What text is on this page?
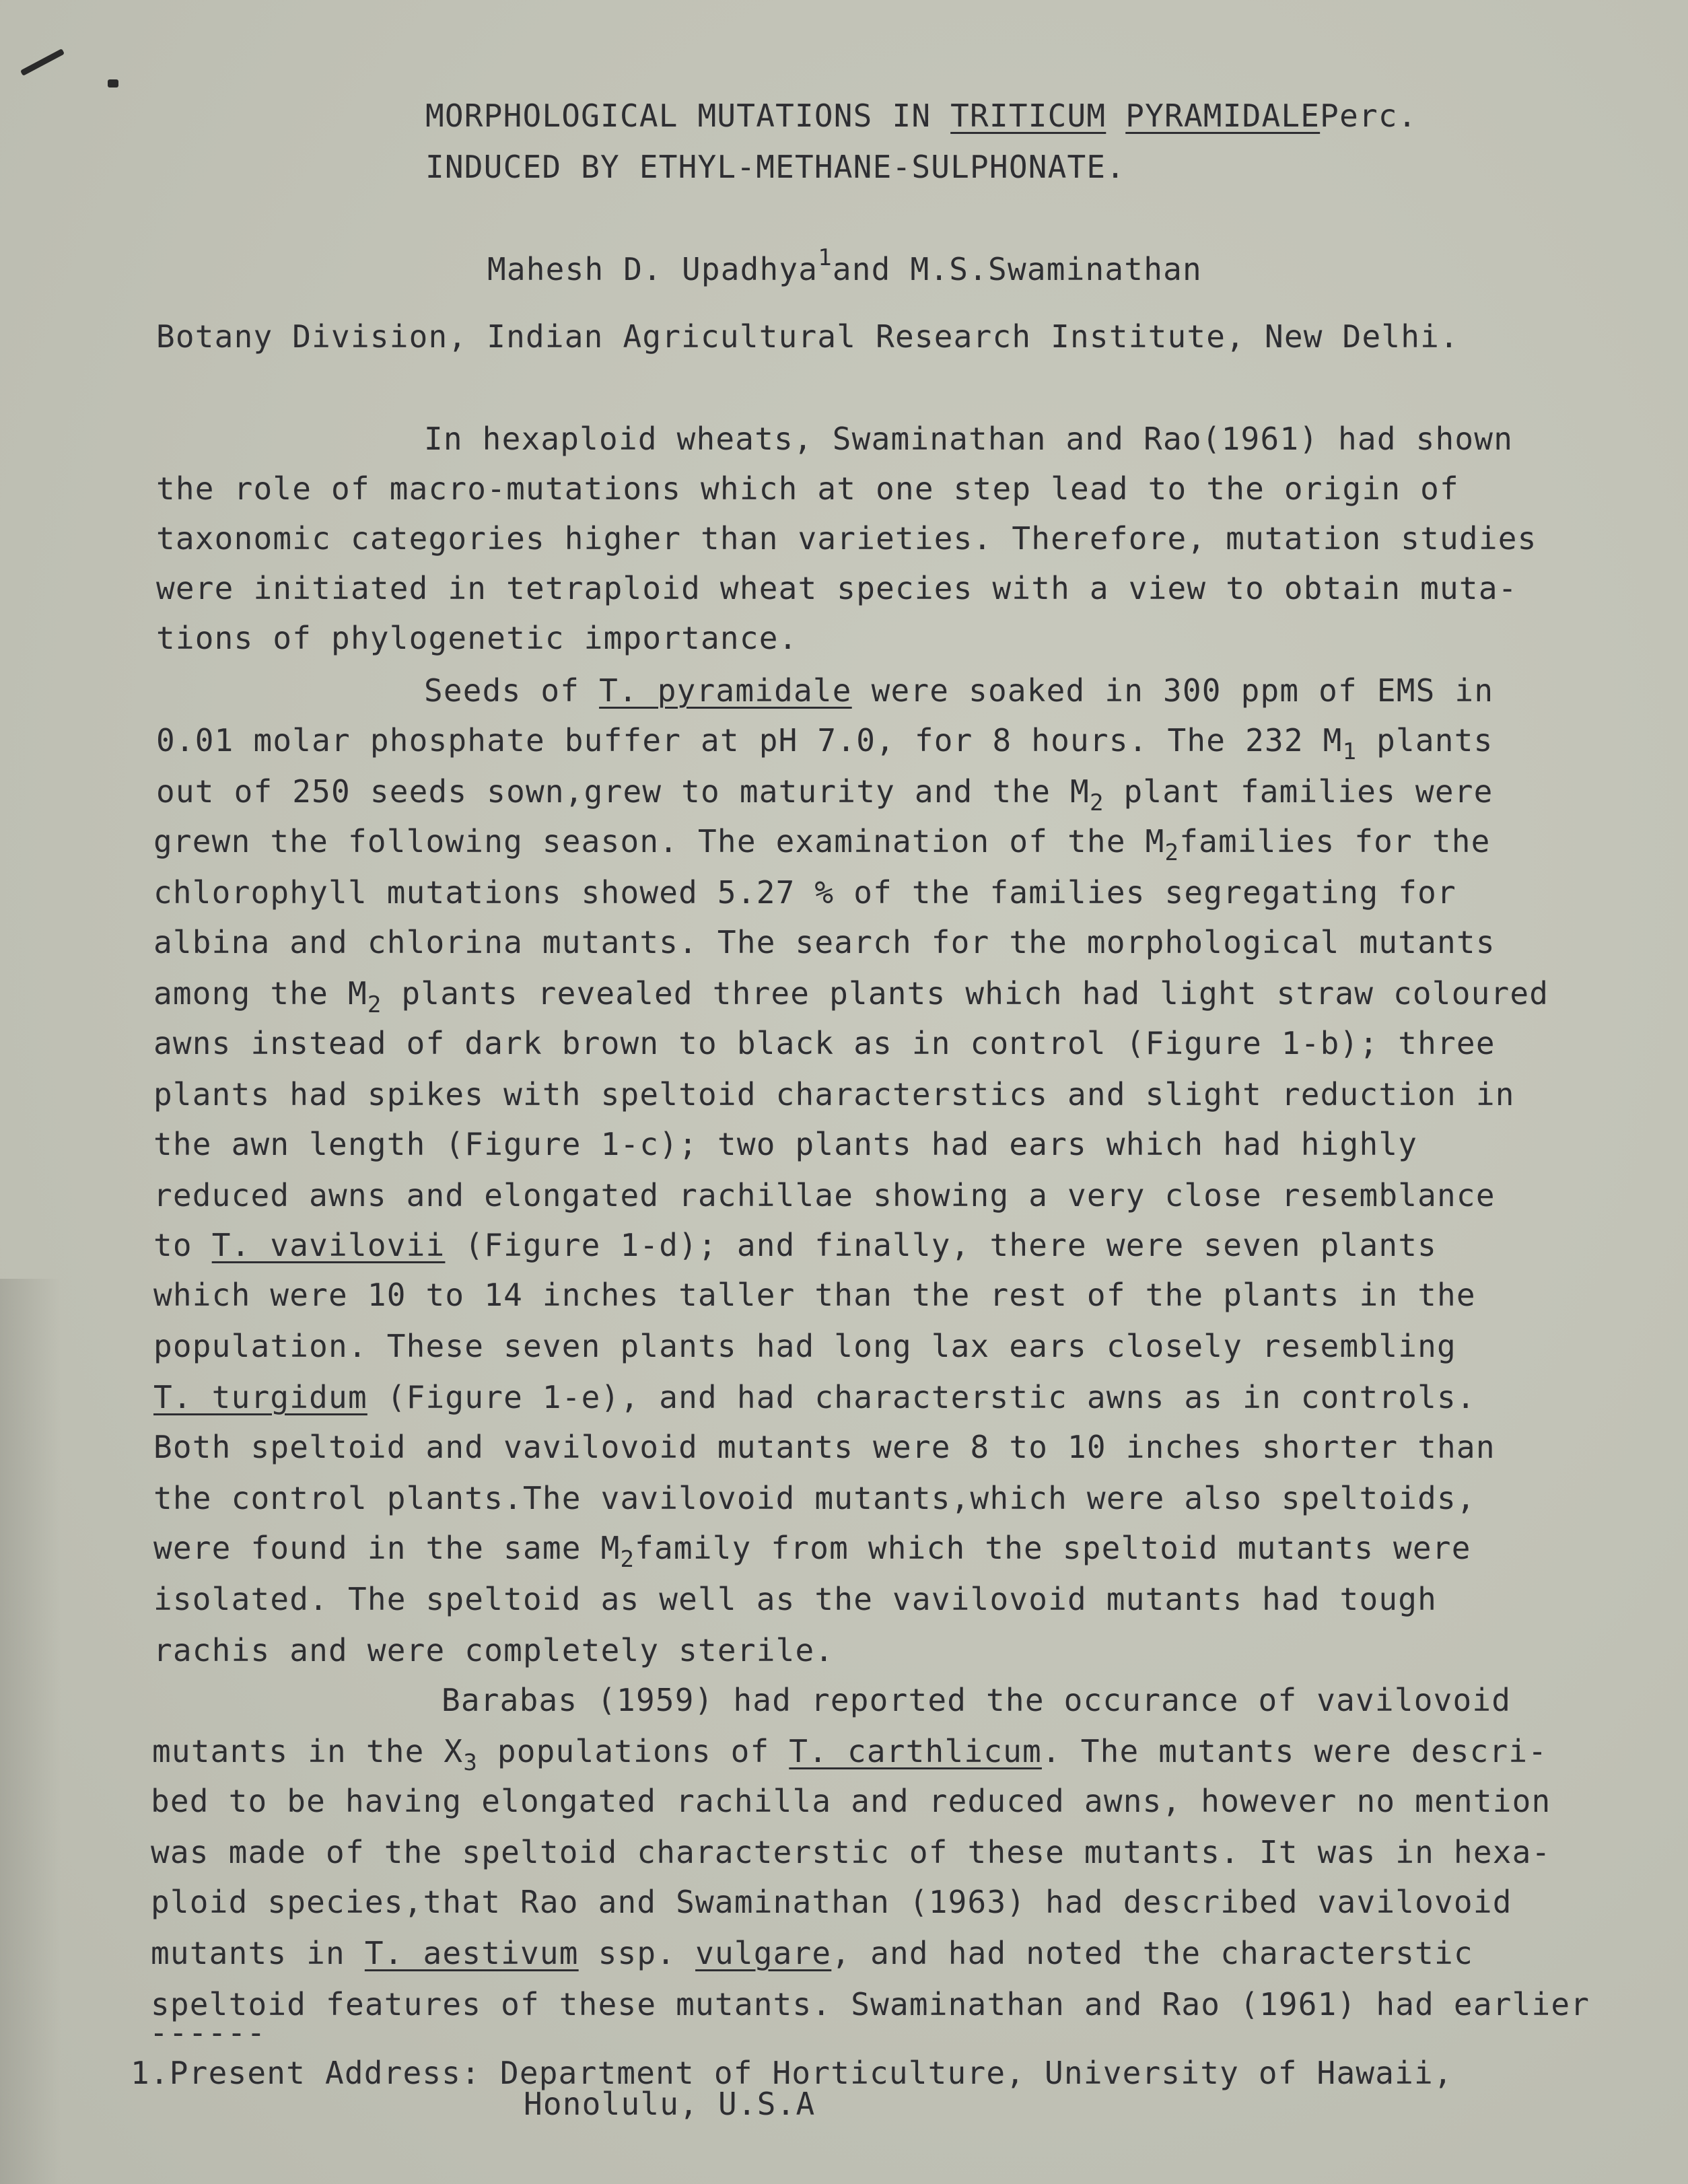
MORPHOLOGICAL MUTATIONS IN TRITICUM PYRAMIDALEPerc.
INDUCED BY ETHYL-METHANE-SULPHONATE.
Mahesh D. Upadhya$^1$and M.S.Swaminathan
Botany Division, Indian Agricultural Research Institute, New Delhi.
In hexaploid wheats, Swaminathan and Rao(1961) had shown
the role of macro-mutations which at one step lead to the origin of
taxonomic categories higher than varieties. Therefore, mutation studies
were initiated in tetraploid wheat species with a view to obtain muta-
tions of phylogenetic importance.
Seeds of T. pyramidale were soaked in 300 ppm of EMS in
0.01 molar phosphate buffer at pH 7.0, for 8 hours. The 232 $M_1$ plants
out of 250 seeds sown,grew to maturity and the $M_2$ plant families were
grewn the following season. The examination of the $M_2families$ for the
chlorophyll mutations showed 5.27 % of the families segregating for
albina and chlorina mutants. The search for the morphological mutants
among the $M_2$ plants revealed three plants which had light straw coloured
awns instead of dark brown to black as in control (Figure 1-b); three
plants had spikes with speltoid characterstics and slight reduction in
the awn length (Figure 1-c); two plants had ears which had highly
reduced awns and elongated rachillae showing a very close resemblance
to T. vavilovii (Figure 1-d); and finally, there were seven plants
which were 10 to 14 inches taller than the rest of the plants in the
population. These seven plants had long lax ears closely resembling
T. turgidum (Figure 1-e), and had characterstic awns as in controls.
Both speltoid and vavilovoid mutants were 8 to 10 inches shorter than
the control plants.The vavilovoid mutants,which were also speltoids,
were found in the same $M_2family$ from which the speltoid mutants were
isolated. The speltoid as well as the vavilovoid mutants had tough
rachis and were completely sterile.
Barabas (1959) had reported the occurance of vavilovoid
mutants in the $X_3$ populations of T. carthlicum. The mutants were descri-
bed to be having elongated rachilla and reduced awns, however no mention
was made of the speltoid characterstic of these mutants. It was in hexa-
ploid species,that Rao and Swaminathan (1963) had described vavilovoid
mutants in T. aestivum ssp. vulgare, and had noted the characterstic
speltoid features of these mutants. Swaminathan and Rao (1961) had earlier
------
1.Present Address: Department of Horticulture, University of Hawaii,
Honolulu, U.S.A
